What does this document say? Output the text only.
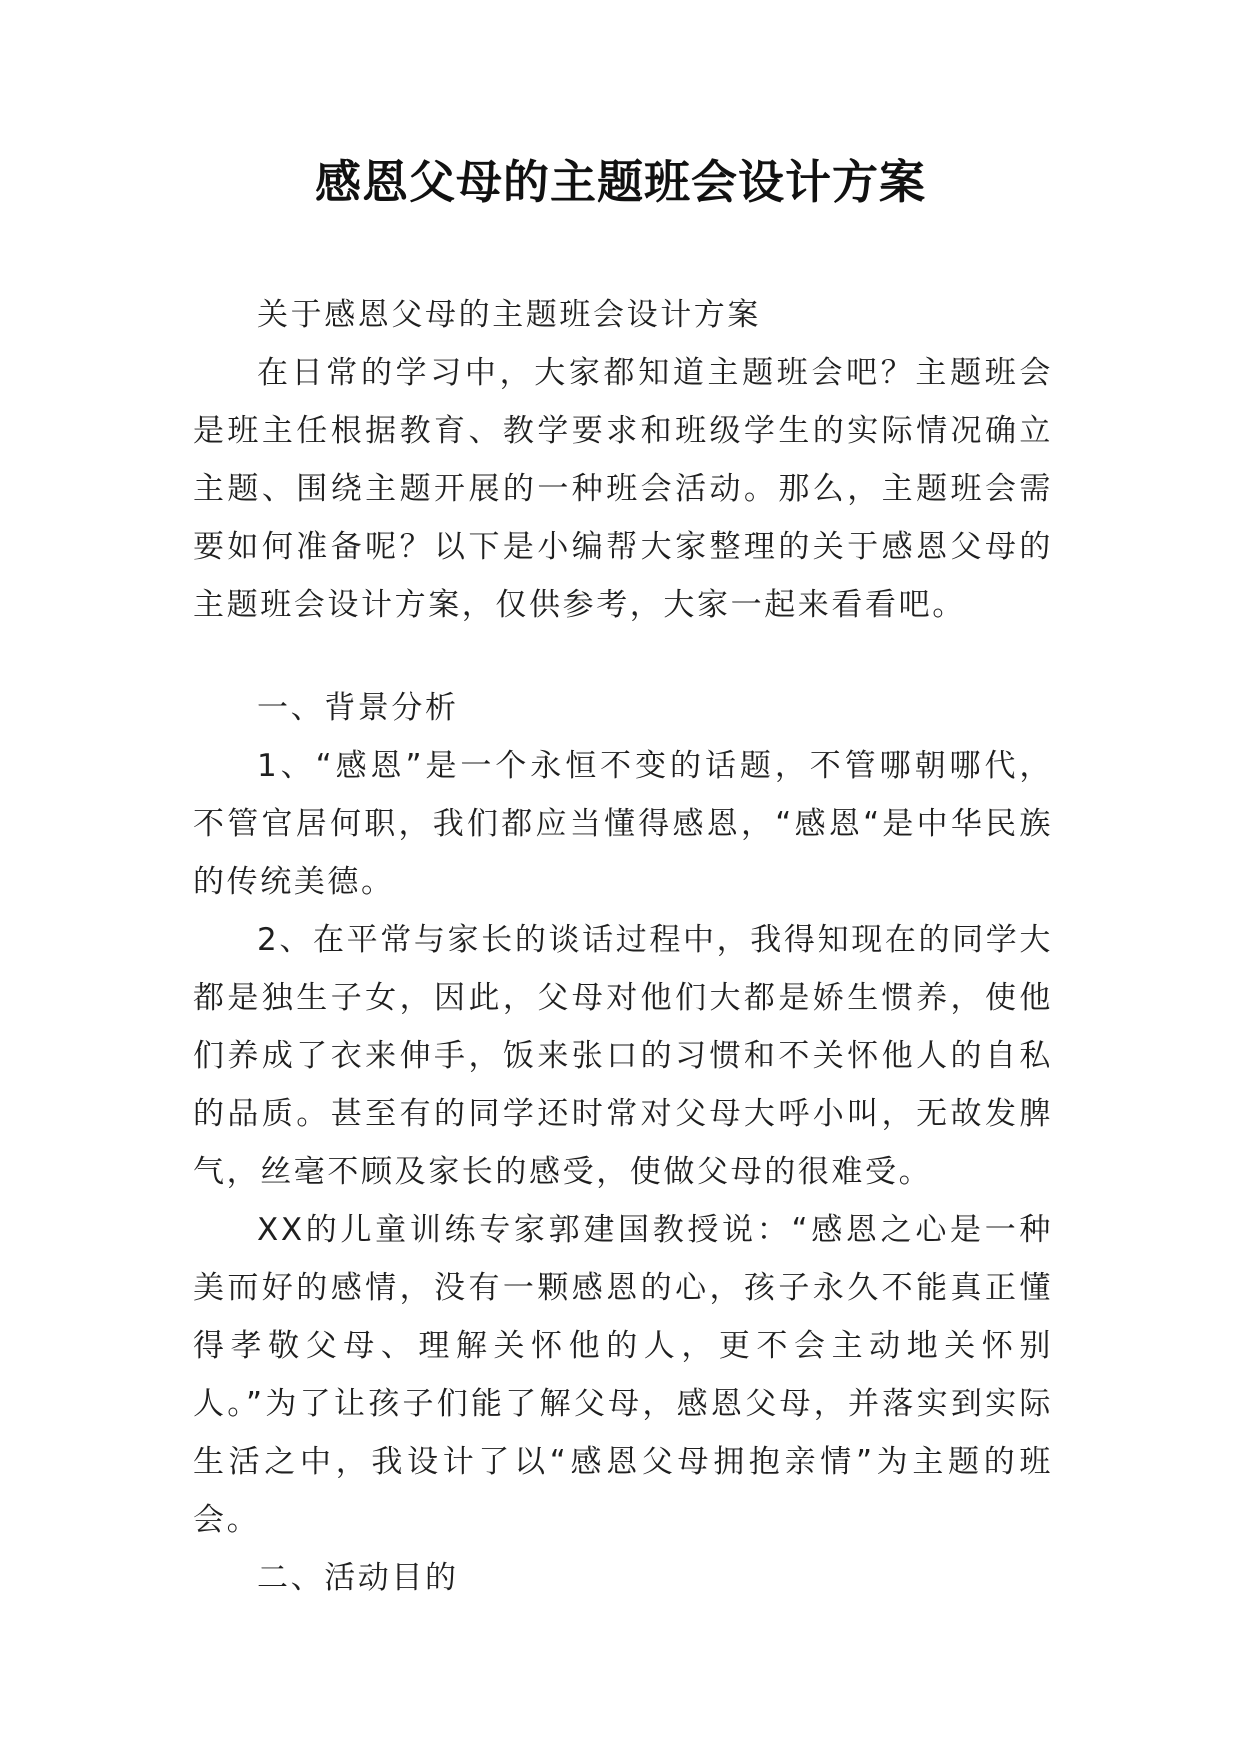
感恩父母的主题班会设计方案

关于感恩父母的主题班会设计方案

在日常的学习中，大家都知道主题班会吧？主题班会是班主任根据教育、教学要求和班级学生的实际情况确立主题、围绕主题开展的一种班会活动。那么，主题班会需要如何准备呢？以下是小编帮大家整理的关于感恩父母的主题班会设计方案，仅供参考，大家一起来看看吧。

一、背景分析

1、“感恩”是一个永恒不变的话题，不管哪朝哪代，不管官居何职，我们都应当懂得感恩，“感恩“是中华民族的传统美德。

2、在平常与家长的谈话过程中，我得知现在的同学大都是独生子女，因此，父母对他们大都是娇生惯养，使他们养成了衣来伸手，饭来张口的习惯和不关怀他人的自私的品质。甚至有的同学还时常对父母大呼小叫，无故发脾气，丝毫不顾及家长的感受，使做父母的很难受。

XX的儿童训练专家郭建国教授说：“感恩之心是一种美而好的感情，没有一颗感恩的心，孩子永久不能真正懂得孝敬父母、理解关怀他的人，更不会主动地关怀别人。”为了让孩子们能了解父母，感恩父母，并落实到实际生活之中，我设计了以“感恩父母拥抱亲情”为主题的班会。

二、活动目的
